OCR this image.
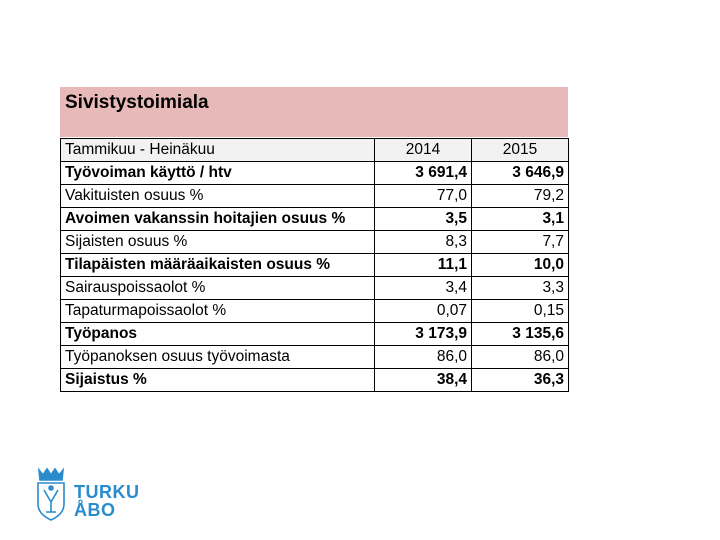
Sivistystoimiala
Tammikuu - Heinäkuu	2014	2015
Työvoiman käyttö / htv	3 691,4	3 646,9
Vakituisten osuus %	77,0	79,2
Avoimen vakanssin hoitajien osuus %	3,5	3,1
Sijaisten osuus %	8,3	7,7
Tilapäisten määräaikaisten osuus %	11,1	10,0
Sairauspoissaolot %	3,4	3,3
Tapaturmapoissaolot %	0,07	0,15
Työpanos	3 173,9	3 135,6
Työpanoksen osuus työvoimasta	86,0	86,0
Sijaistus %	38,4	36,3
TURKU
ÅBO
